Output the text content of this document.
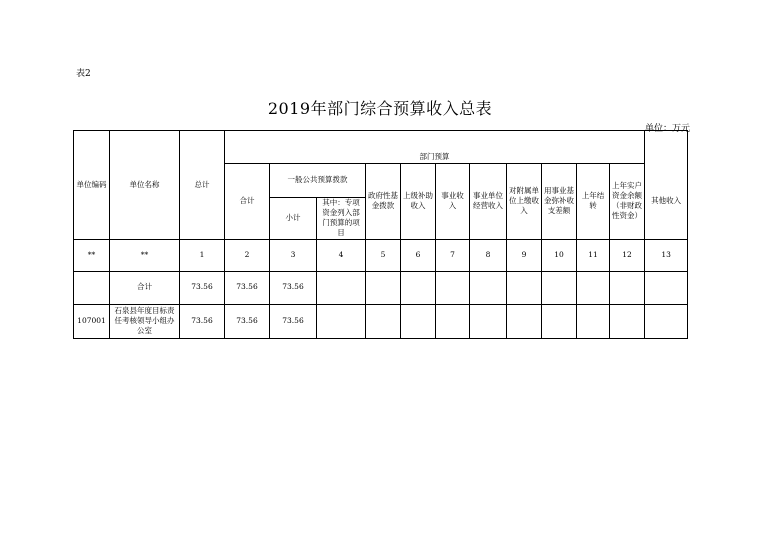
表2
2019年部门综合预算收入总表
单位：万元
单位编码	单位名称	总计	部门预算											
			合计	一般公共预算拨款		政府性基金拨款	上级补助收入	事业收入	事业单位经营收入	对附属单位上缴收入	用事业基金弥补收支差额	上年结转	上年实户资金余额（非财政性资金）	其他收入
				小计	其中：专项资金列入部门预算的项目									
**	**	1	2	3	4	5	6	7	8	9	10	11	12	13
	合计	73.56	73.56	73.56										
107001	石泉县年度目标责任考核领导小组办公室	73.56	73.56	73.56										
